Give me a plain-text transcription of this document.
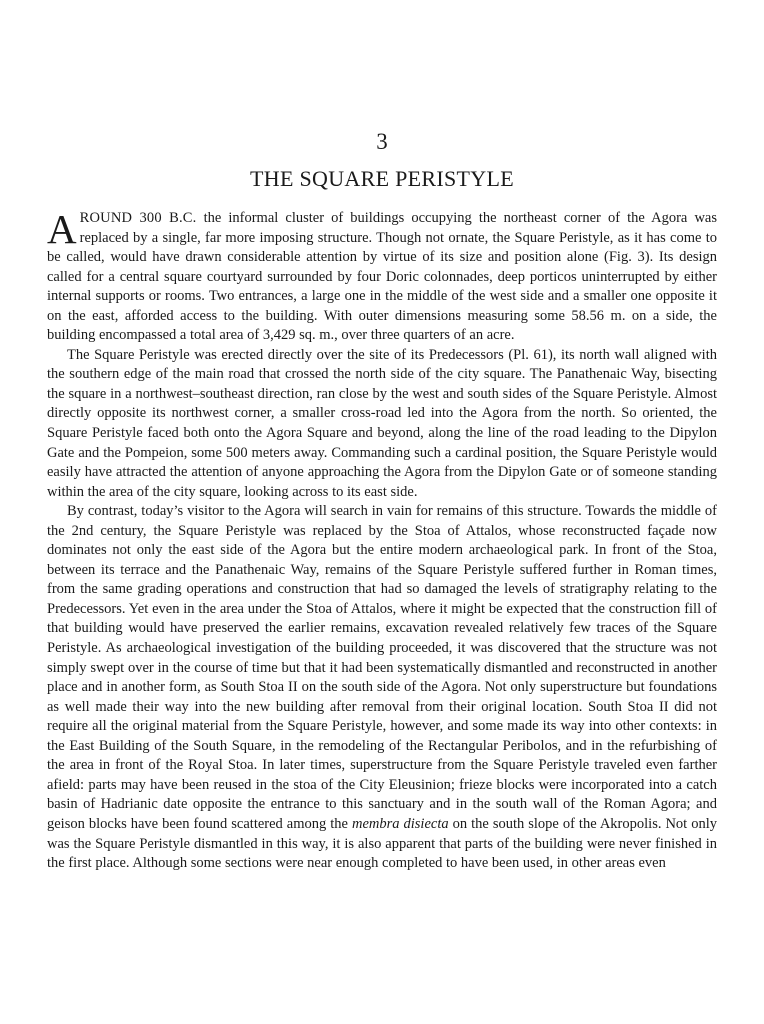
3
THE SQUARE PERISTYLE

AROUND 300 B.C. the informal cluster of buildings occupying the northeast corner of the Agora was replaced by a single, far more imposing structure. Though not ornate, the Square Peristyle, as it has come to be called, would have drawn considerable attention by virtue of its size and position alone (Fig. 3). Its design called for a central square courtyard surrounded by four Doric colonnades, deep porticos uninterrupted by either internal supports or rooms. Two entrances, a large one in the middle of the west side and a smaller one opposite it on the east, afforded access to the building. With outer dimensions measuring some 58.56 m. on a side, the building encompassed a total area of 3,429 sq. m., over three quarters of an acre.

The Square Peristyle was erected directly over the site of its Predecessors (Pl. 61), its north wall aligned with the southern edge of the main road that crossed the north side of the city square. The Panathenaic Way, bisecting the square in a northwest–southeast direction, ran close by the west and south sides of the Square Peristyle. Almost directly opposite its northwest corner, a smaller cross-road led into the Agora from the north. So oriented, the Square Peristyle faced both onto the Agora Square and beyond, along the line of the road leading to the Dipylon Gate and the Pompeion, some 500 meters away. Commanding such a cardinal position, the Square Peristyle would easily have attracted the attention of anyone approaching the Agora from the Dipylon Gate or of someone standing within the area of the city square, looking across to its east side.

By contrast, today’s visitor to the Agora will search in vain for remains of this structure. Towards the middle of the 2nd century, the Square Peristyle was replaced by the Stoa of Attalos, whose reconstructed façade now dominates not only the east side of the Agora but the entire modern archaeological park. In front of the Stoa, between its terrace and the Panathenaic Way, remains of the Square Peristyle suffered further in Roman times, from the same grading operations and construction that had so damaged the levels of stratigraphy relating to the Predecessors. Yet even in the area under the Stoa of Attalos, where it might be expected that the construction fill of that building would have preserved the earlier remains, excavation revealed relatively few traces of the Square Peristyle. As archaeological investigation of the building proceeded, it was discovered that the structure was not simply swept over in the course of time but that it had been systematically dismantled and reconstructed in another place and in another form, as South Stoa II on the south side of the Agora. Not only superstructure but foundations as well made their way into the new building after removal from their original location. South Stoa II did not require all the original material from the Square Peristyle, however, and some made its way into other contexts: in the East Building of the South Square, in the remodeling of the Rectangular Peribolos, and in the refurbishing of the area in front of the Royal Stoa. In later times, superstructure from the Square Peristyle traveled even farther afield: parts may have been reused in the stoa of the City Eleusinion; frieze blocks were incorporated into a catch basin of Hadrianic date opposite the entrance to this sanctuary and in the south wall of the Roman Agora; and geison blocks have been found scattered among the membra disiecta on the south slope of the Akropolis. Not only was the Square Peristyle dismantled in this way, it is also apparent that parts of the building were never finished in the first place. Although some sections were near enough completed to have been used, in other areas even
